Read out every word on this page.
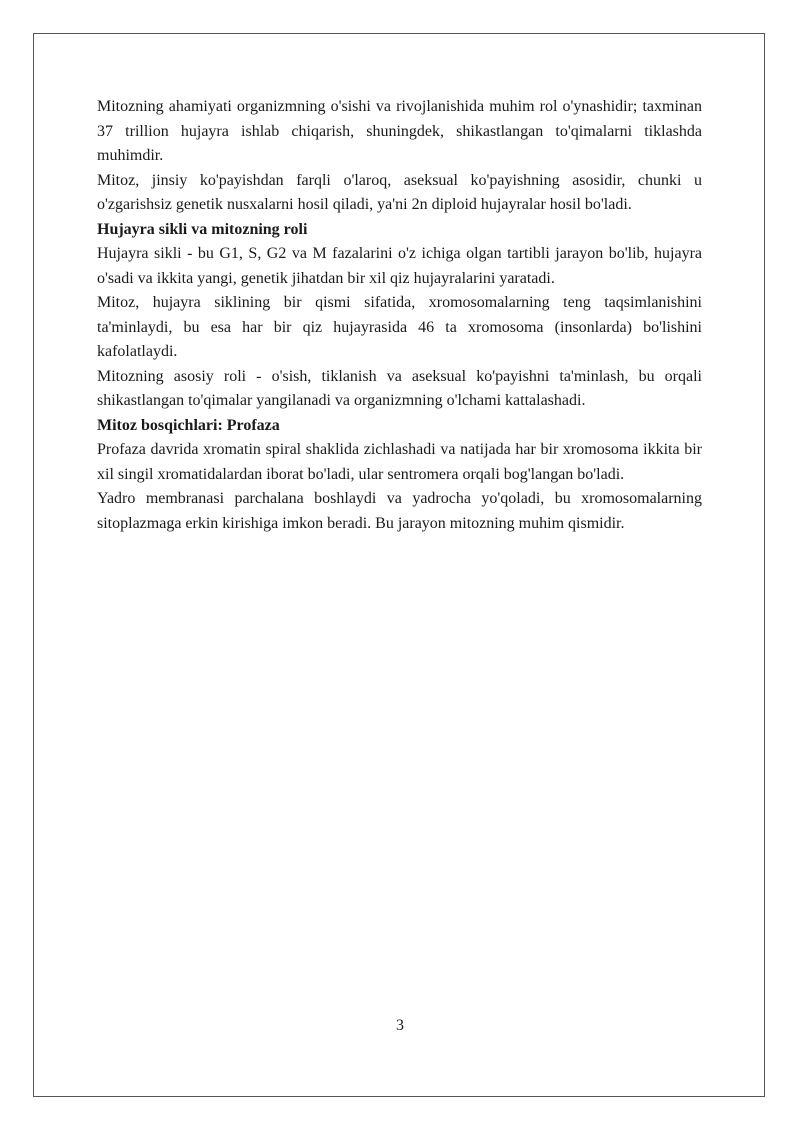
Mitozning ahamiyati organizmning o'sishi va rivojlanishida muhim rol o'ynashidir; taxminan 37 trillion hujayra ishlab chiqarish, shuningdek, shikastlangan to'qimalarni tiklashda muhimdir.

Mitoz, jinsiy ko'payishdan farqli o'laroq, aseksual ko'payishning asosidir, chunki u o'zgarishsiz genetik nusxalarni hosil qiladi, ya'ni 2n diploid hujayralar hosil bo'ladi.

Hujayra sikli va mitozning roli

Hujayra sikli - bu G1, S, G2 va M fazalarini o'z ichiga olgan tartibli jarayon bo'lib, hujayra o'sadi va ikkita yangi, genetik jihatdan bir xil qiz hujayralarini yaratadi.

Mitoz, hujayra siklining bir qismi sifatida, xromosomalarning teng taqsimlanishini ta'minlaydi, bu esa har bir qiz hujayrasida 46 ta xromosoma (insonlarda) bo'lishini kafolatlaydi.

Mitozning asosiy roli - o'sish, tiklanish va aseksual ko'payishni ta'minlash, bu orqali shikastlangan to'qimalar yangilanadi va organizmning o'lchami kattalashadi.

Mitoz bosqichlari: Profaza

Profaza davrida xromatin spiral shaklida zichlashadi va natijada har bir xromosoma ikkita bir xil singil xromatidalardan iborat bo'ladi, ular sentromera orqali bog'langan bo'ladi.

Yadro membranasi parchalana boshlaydi va yadrocha yo'qoladi, bu xromosomalarning sitoplazmaga erkin kirishiga imkon beradi. Bu jarayon mitozning muhim qismidir.

3
